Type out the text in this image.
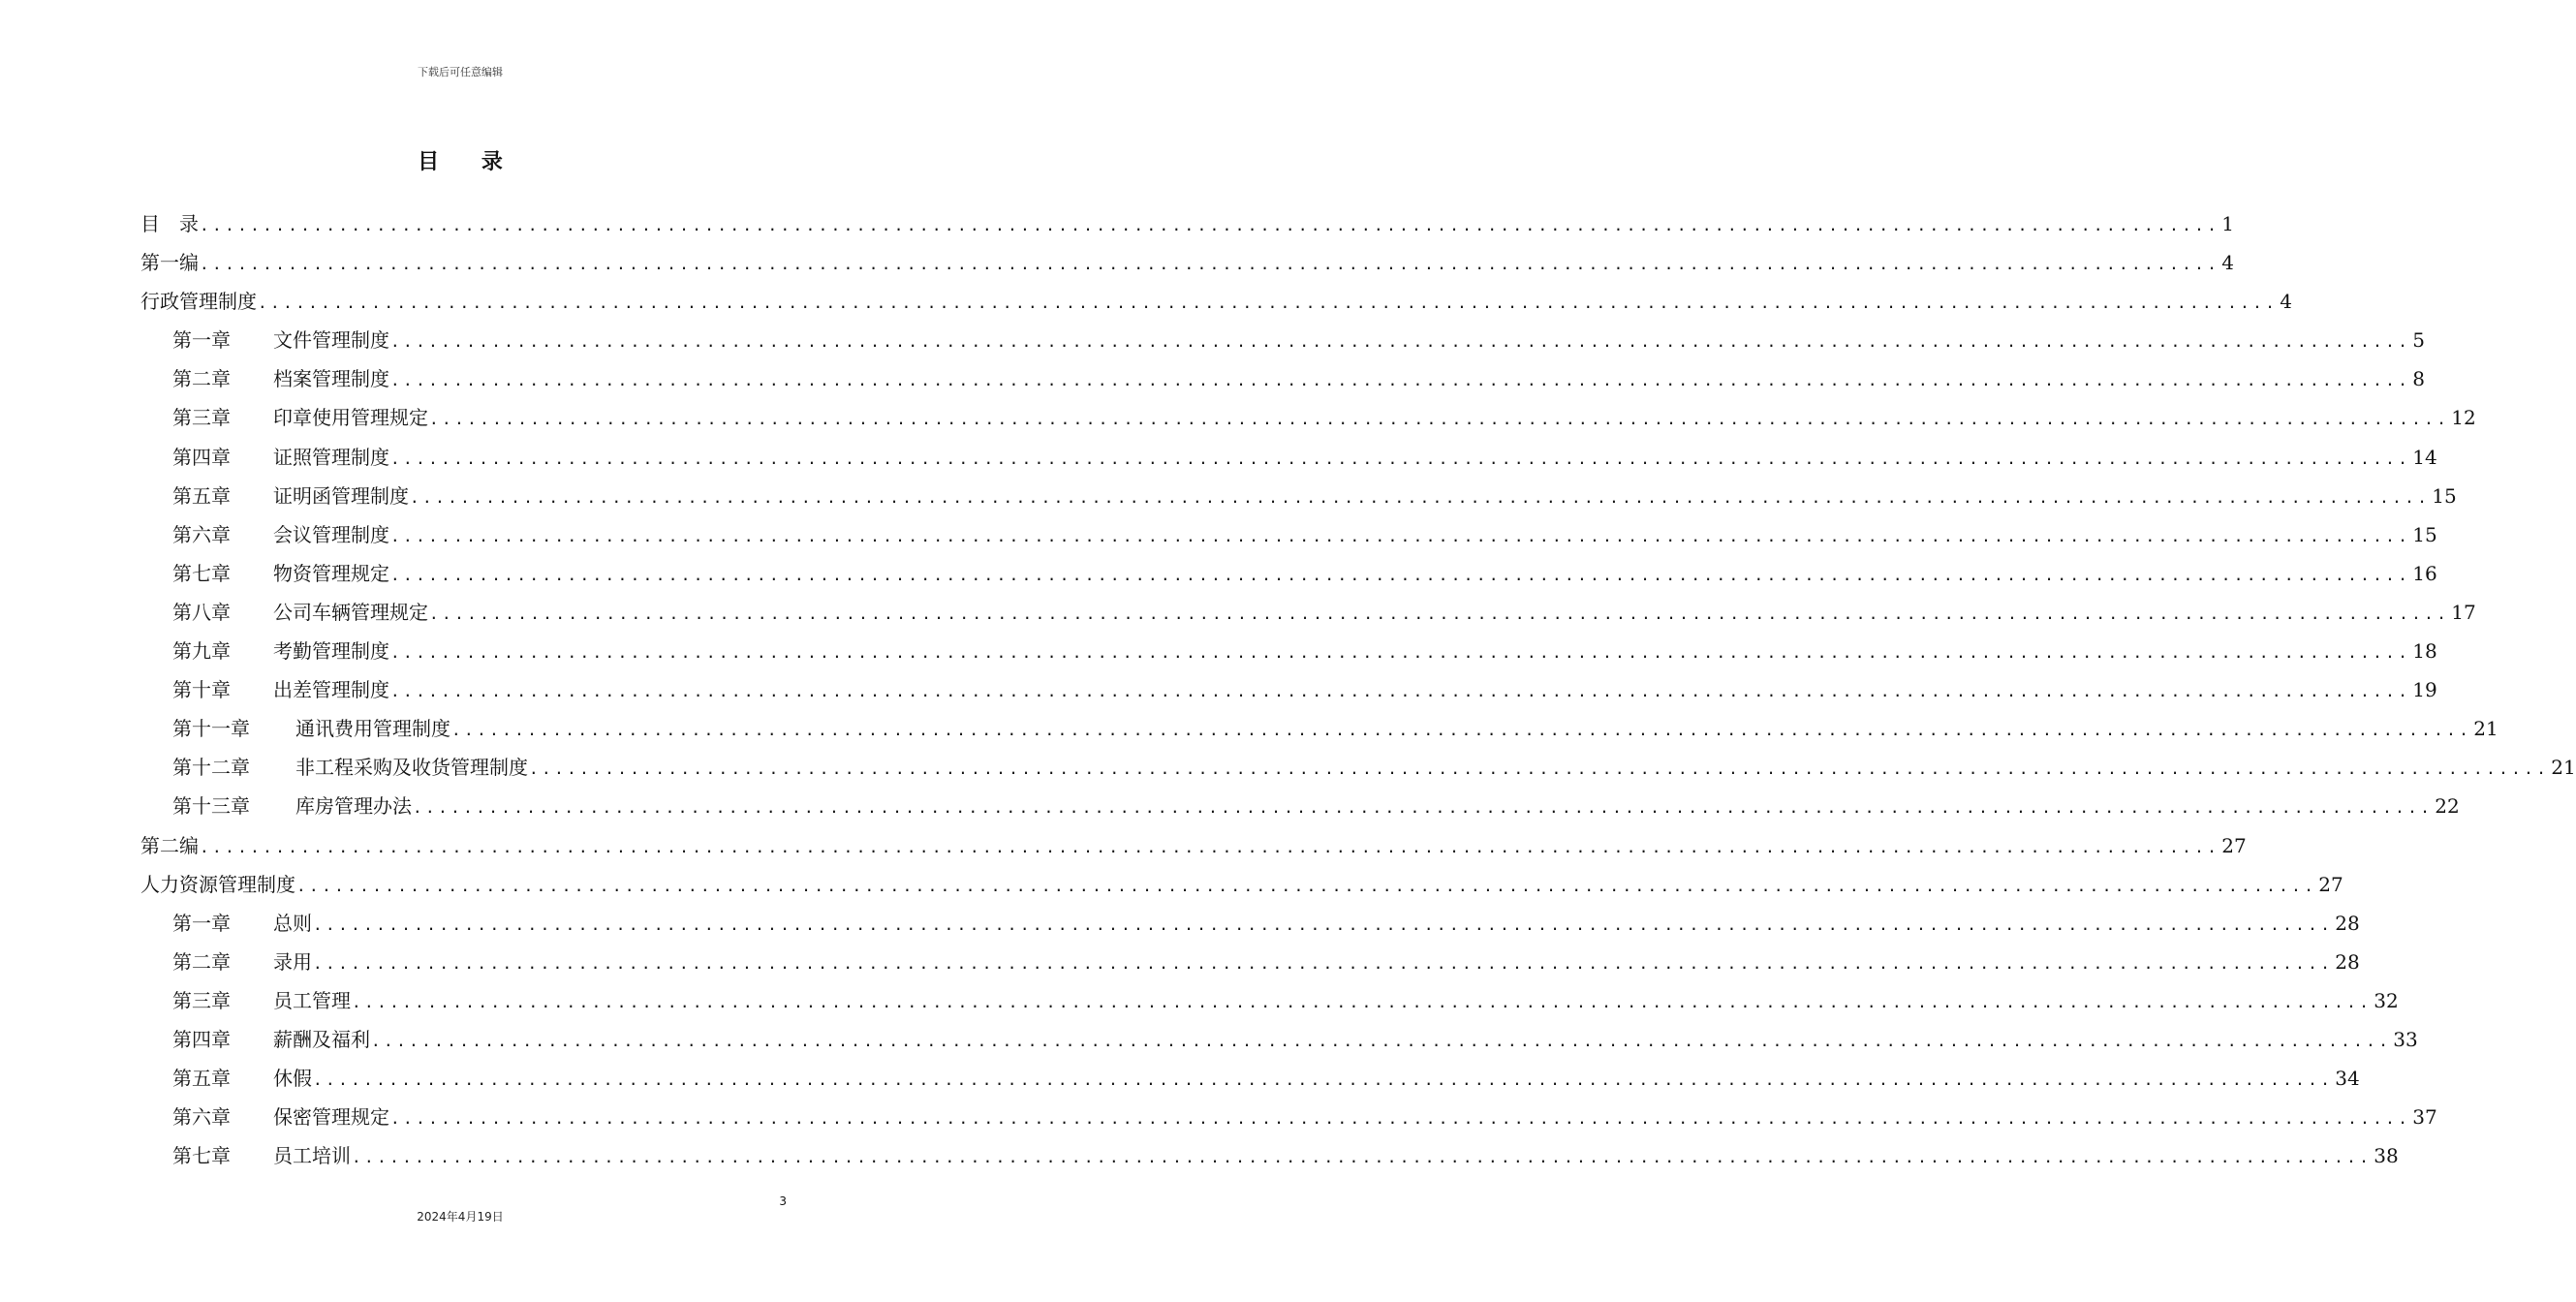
下载后可任意编辑
目 录
目　录 ................................................................................................................................................................ 1
第一编 ................................................................................................................................................................ 4
行政管理制度 ................................................................................................................................................................ 4
第一章 文件管理制度 ................................................................................................................................................................ 5
第二章 档案管理制度 ................................................................................................................................................................ 8
第三章 印章使用管理规定 ................................................................................................................................................................ 12
第四章 证照管理制度 ................................................................................................................................................................ 14
第五章 证明函管理制度 ................................................................................................................................................................ 15
第六章 会议管理制度 ................................................................................................................................................................ 15
第七章 物资管理规定 ................................................................................................................................................................ 16
第八章 公司车辆管理规定 ................................................................................................................................................................ 17
第九章 考勤管理制度 ................................................................................................................................................................ 18
第十章 出差管理制度 ................................................................................................................................................................ 19
第十一章 通讯费用管理制度 ................................................................................................................................................................ 21
第十二章 非工程采购及收货管理制度 ................................................................................................................................................................ 21
第十三章 库房管理办法 ................................................................................................................................................................ 22
第二编 ................................................................................................................................................................ 27
人力资源管理制度 ................................................................................................................................................................ 27
第一章 总则 ................................................................................................................................................................ 28
第二章 录用 ................................................................................................................................................................ 28
第三章 员工管理 ................................................................................................................................................................ 32
第四章 薪酬及福利 ................................................................................................................................................................ 33
第五章 休假 ................................................................................................................................................................ 34
第六章 保密管理规定 ................................................................................................................................................................ 37
第七章 员工培训 ................................................................................................................................................................ 38
3
2024年4月19日
